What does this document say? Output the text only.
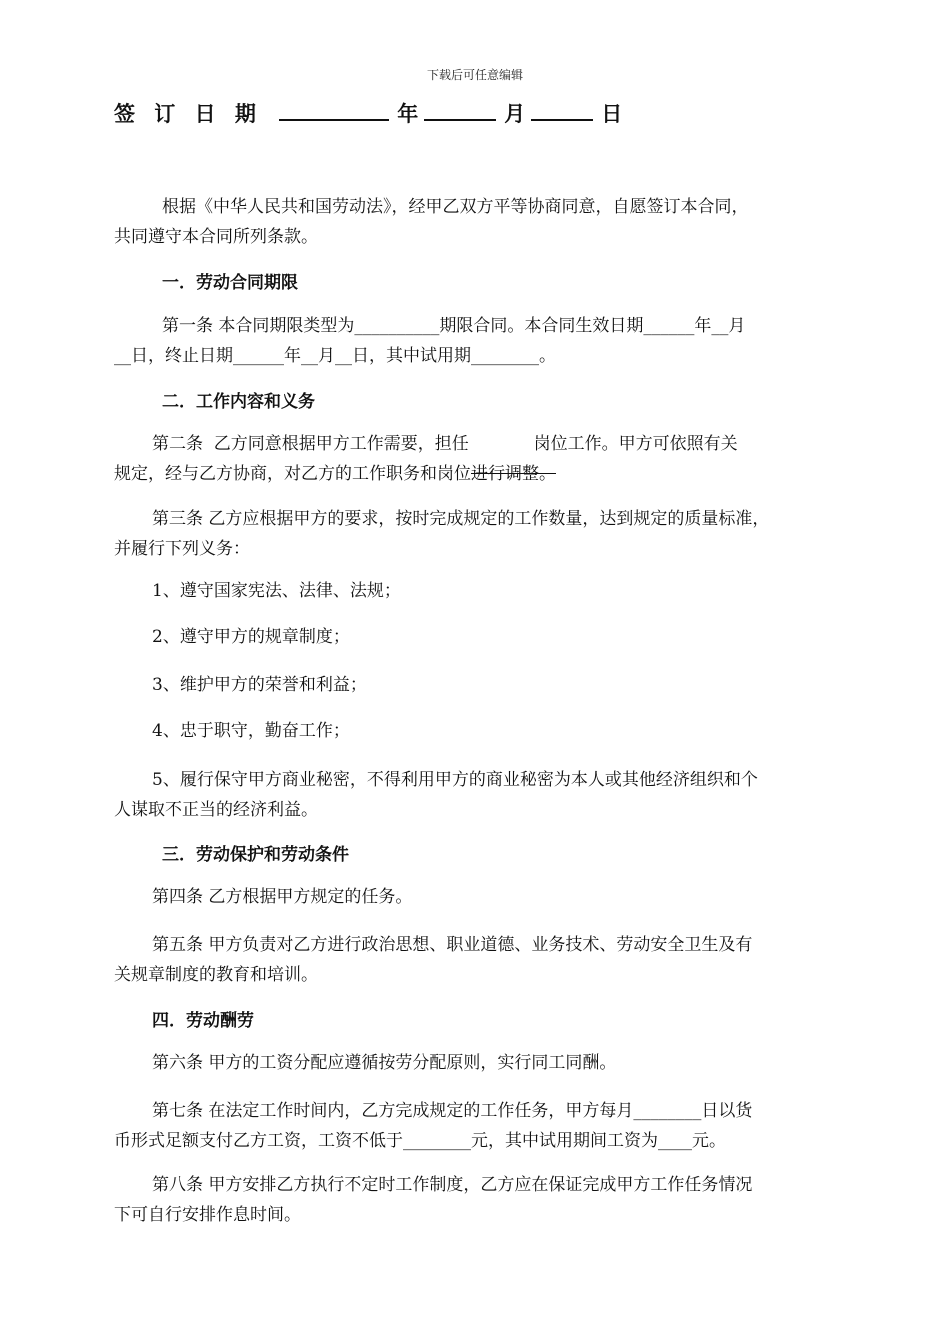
下载后可任意编辑
签 订 日 期	年	月	日

根据《中华人民共和国劳动法》，经甲乙双方平等协商同意，自愿签订本合同，
共同遵守本合同所列条款。

一．劳动合同期限

第一条 本合同期限类型为__________期限合同。本合同生效日期______年__月
__日，终止日期______年__月__日，其中试用期________。

二．工作内容和义务

第二条  乙方同意根据甲方工作需要，担任            岗位工作。甲方可依照有关
规定，经与乙方协商，对乙方的工作职务和岗位进行调整。

第三条 乙方应根据甲方的要求，按时完成规定的工作数量，达到规定的质量标准，
并履行下列义务：

1、遵守国家宪法、法律、法规；

2、遵守甲方的规章制度；

3、维护甲方的荣誉和利益；

4、忠于职守，勤奋工作；

5、履行保守甲方商业秘密，不得利用甲方的商业秘密为本人或其他经济组织和个
人谋取不正当的经济利益。

三．劳动保护和劳动条件

第四条 乙方根据甲方规定的任务。

第五条 甲方负责对乙方进行政治思想、职业道德、业务技术、劳动安全卫生及有
关规章制度的教育和培训。

四．劳动酬劳

第六条 甲方的工资分配应遵循按劳分配原则，实行同工同酬。

第七条 在法定工作时间内，乙方完成规定的工作任务，甲方每月________日以货
币形式足额支付乙方工资，工资不低于________元，其中试用期间工资为____元。

第八条 甲方安排乙方执行不定时工作制度，乙方应在保证完成甲方工作任务情况
下可自行安排作息时间。
